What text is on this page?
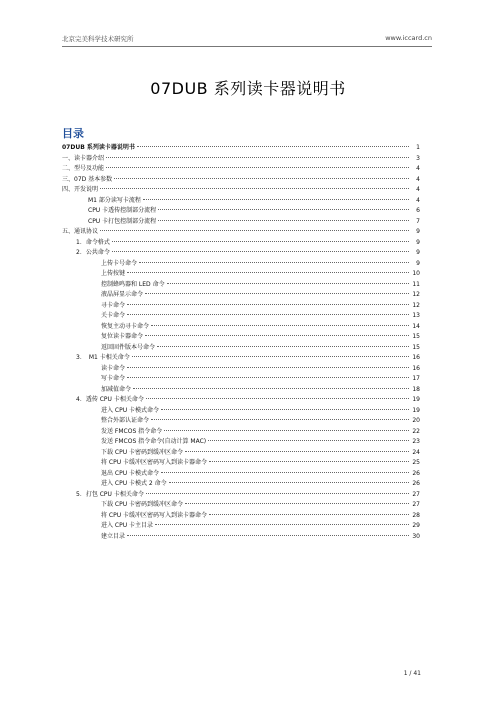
北京完美科学技术研究所	www.iccard.cn
07DUB 系列读卡器说明书
目录
07DUB 系列读卡器说明书	1
一、读卡器介绍	3
二、型号及功能	4
三、07D 基本参数	4
四、开发说明	4
M1 部分读写卡流程	4
CPU 卡透传控制部分流程	6
CPU 卡打包控制部分流程	7
五、通讯协议	9
1．命令格式	9
2．公共命令	9
上传卡号命令	9
上传按键	10
控制蜂鸣器和 LED 命令	11
液晶屏显示命令	12
寻卡命令	12
关卡命令	13
恢复主动寻卡命令	14
复位读卡器命令	15
返回固件版本号命令	15
3．　M1 卡相关命令	16
读卡命令	16
写卡命令	17
加减值命令	18
4．透传 CPU 卡相关命令	19
进入 CPU 卡模式命令	19
整合外部认证命令	20
发送 FMCOS 指令命令	22
发送 FMCOS 指令命令(自动计算 MAC)	23
下载 CPU 卡密码到缓冲区命令	24
将 CPU 卡缓冲区密码写入到读卡器命令	25
退出 CPU 卡模式命令	26
进入 CPU 卡模式 2 命令	26
5．打包 CPU 卡相关命令	27
下载 CPU 卡密码到缓冲区命令	27
将 CPU 卡缓冲区密码写入到读卡器命令	28
进入 CPU 卡主目录	29
建立目录	30
1 / 41
